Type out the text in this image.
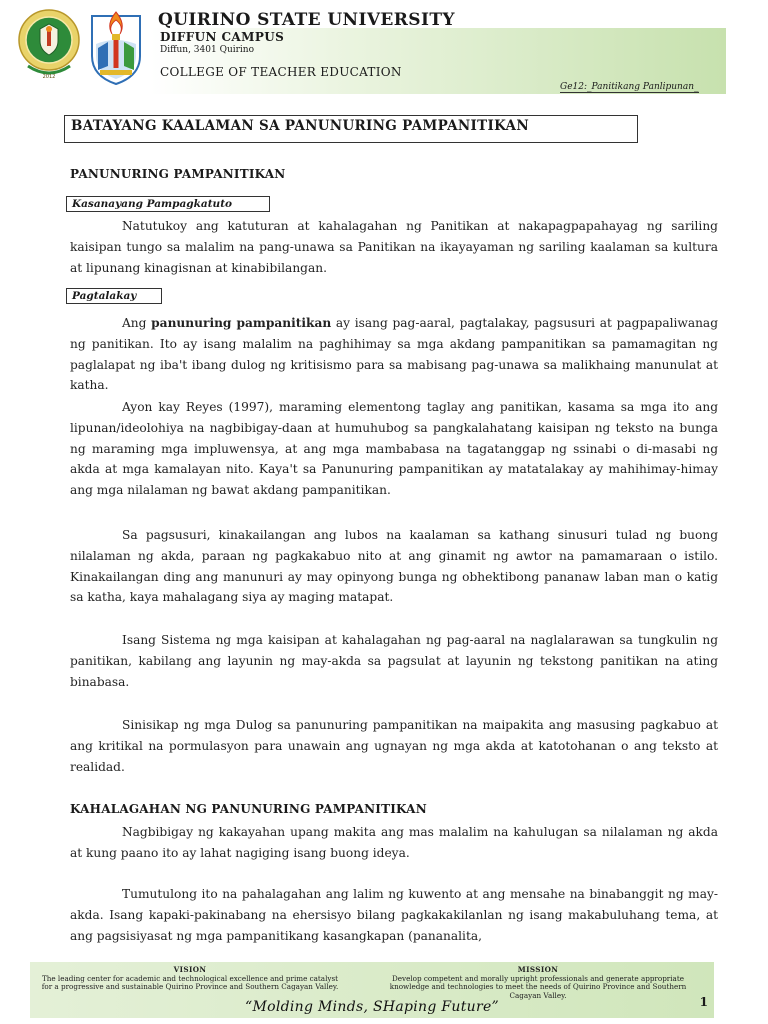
2012
QUIRINO STATE UNIVERSITY
DIFFUN CAMPUS
Diffun, 3401 Quirino
COLLEGE OF TEACHER EDUCATION
Ge12:_Panitikang Panlipunan_
BATAYANG KAALAMAN SA PANUNURING PAMPANITIKAN
PANUNURING PAMPANITIKAN
Kasanayang Pampagkatuto

Natutukoy ang katuturan at kahalagahan ng Panitikan at nakapagpapahayag ng sariling kaisipan tungo sa malalim na pang-unawa sa Panitikan na ikayayaman ng sariling kaalaman sa kultura at lipunang kinagisnan at kinabibilangan.

Pagtalakay

Ang panunuring pampanitikan ay isang pag-aaral, pagtalakay, pagsusuri at pagpapaliwanag ng panitikan. Ito ay isang malalim na paghihimay sa mga akdang pampanitikan sa pamamagitan ng paglalapat ng iba't ibang dulog ng kritisismo para sa mabisang pag-unawa sa malikhaing manunulat at katha.

Ayon kay Reyes (1997), maraming elementong taglay ang panitikan, kasama sa mga ito ang lipunan/ideolohiya na nagbibigay-daan at humuhubog sa pangkalahatang kaisipan ng teksto na bunga ng maraming mga impluwensya, at ang mga mambabasa na tagatanggap ng ssinabi o di-masabi ng akda at mga kamalayan nito. Kaya't sa Panunuring pampanitikan ay matatalakay ay mahihimay-himay ang mga nilalaman ng bawat akdang pampanitikan.

Sa pagsusuri, kinakailangan ang lubos na kaalaman sa kathang sinusuri tulad ng buong nilalaman ng akda, paraan ng pagkakabuo nito at ang ginamit ng awtor na pamamaraan o istilo. Kinakailangan ding ang manunuri ay may opinyong bunga ng obhektibong pananaw laban man o katig sa katha, kaya mahalagang siya ay maging matapat.

Isang Sistema ng mga kaisipan at kahalagahan ng pag-aaral na naglalarawan sa tungkulin ng panitikan, kabilang ang layunin ng may-akda sa pagsulat at layunin ng tekstong panitikan na ating binabasa.

Sinisikap ng mga Dulog sa panunuring pampanitikan na maipakita ang masusing pagkabuo at ang kritikal na pormulasyon para unawain ang ugnayan ng mga akda at katotohanan o ang teksto at realidad.

KAHALAGAHAN NG PANUNURING PAMPANITIKAN

Nagbibigay ng kakayahan upang makita ang mas malalim na kahulugan sa nilalaman ng akda at kung paano ito ay lahat nagiging isang buong ideya.

Tumutulong ito na pahalagahan ang lalim ng kuwento at ang mensahe na binabanggit ng may-akda. Isang kapaki-pakinabang na ehersisyo bilang pagkakakilanlan ng isang makabuluhang tema, at ang pagsisiyasat ng mga pampanitikang kasangkapan (pananalita,

VISION
The leading center for academic and technological excellence and prime catalyst for a progressive and sustainable Quirino Province and Southern Cagayan Valley.
MISSION
Develop competent and morally upright professionals and generate appropriate knowledge and technologies to meet the needs of Quirino Province and Southern Cagayan Valley.
“Molding Minds, SHaping Future”	1
